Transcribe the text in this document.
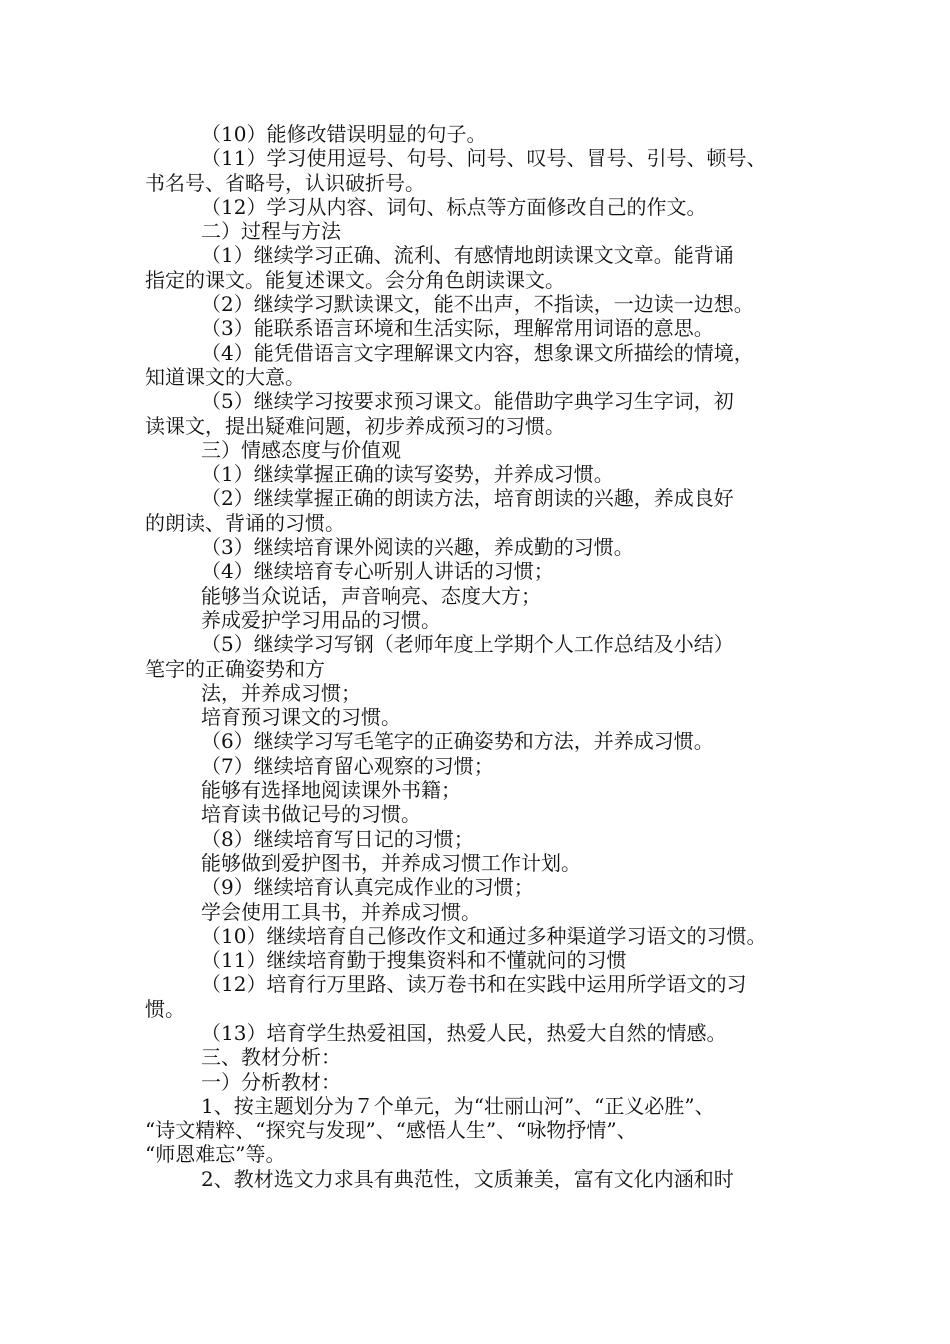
（10）能修改错误明显的句子。
（11）学习使用逗号、句号、问号、叹号、冒号、引号、顿号、
书名号、省略号，认识破折号。
（12）学习从内容、词句、标点等方面修改自己的作文。
二）过程与方法
（1）继续学习正确、流利、有感情地朗读课文文章。能背诵
指定的课文。能复述课文。会分角色朗读课文。
（2）继续学习默读课文，能不出声，不指读，一边读一边想。
（3）能联系语言环境和生活实际，理解常用词语的意思。
（4）能凭借语言文字理解课文内容，想象课文所描绘的情境，
知道课文的大意。
（5）继续学习按要求预习课文。能借助字典学习生字词，初
读课文，提出疑难问题，初步养成预习的习惯。
三）情感态度与价值观
（1）继续掌握正确的读写姿势，并养成习惯。
（2）继续掌握正确的朗读方法，培育朗读的兴趣，养成良好
的朗读、背诵的习惯。
（3）继续培育课外阅读的兴趣，养成勤的习惯。
（4）继续培育专心听别人讲话的习惯；
能够当众说话，声音响亮、态度大方；
养成爱护学习用品的习惯。
（5）继续学习写钢（老师年度上学期个人工作总结及小结）
笔字的正确姿势和方
法，并养成习惯；
培育预习课文的习惯。
（6）继续学习写毛笔字的正确姿势和方法，并养成习惯。
（7）继续培育留心观察的习惯；
能够有选择地阅读课外书籍；
培育读书做记号的习惯。
（8）继续培育写日记的习惯；
能够做到爱护图书，并养成习惯工作计划。
（9）继续培育认真完成作业的习惯；
学会使用工具书，并养成习惯。
（10）继续培育自己修改作文和通过多种渠道学习语文的习惯。
（11）继续培育勤于搜集资料和不懂就问的习惯
（12）培育行万里路、读万卷书和在实践中运用所学语文的习
惯。
（13）培育学生热爱祖国，热爱人民，热爱大自然的情感。
三、教材分析：
一）分析教材：
1、按主题划分为７个单元，为“壮丽山河”、“正义必胜”、
“诗文精粹、“探究与发现”、“感悟人生”、“咏物抒情”、
“师恩难忘”等。
2、教材选文力求具有典范性，文质兼美，富有文化内涵和时
